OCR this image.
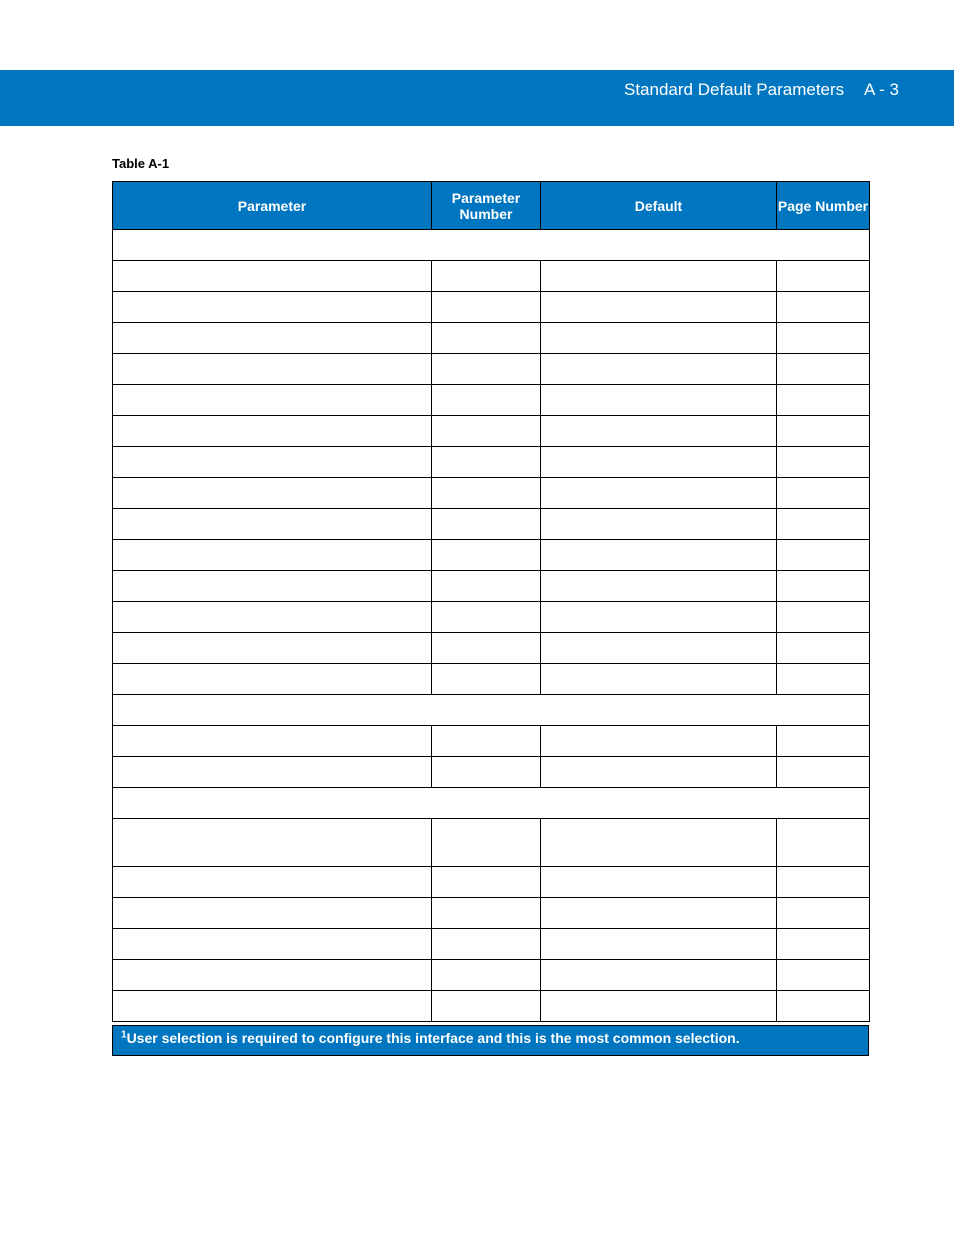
Standard Default Parameters A - 3
Table A-1
Parameter	Parameter Number	Default	Page Number

$^1$User selection is required to configure this interface and this is the most common selection.
